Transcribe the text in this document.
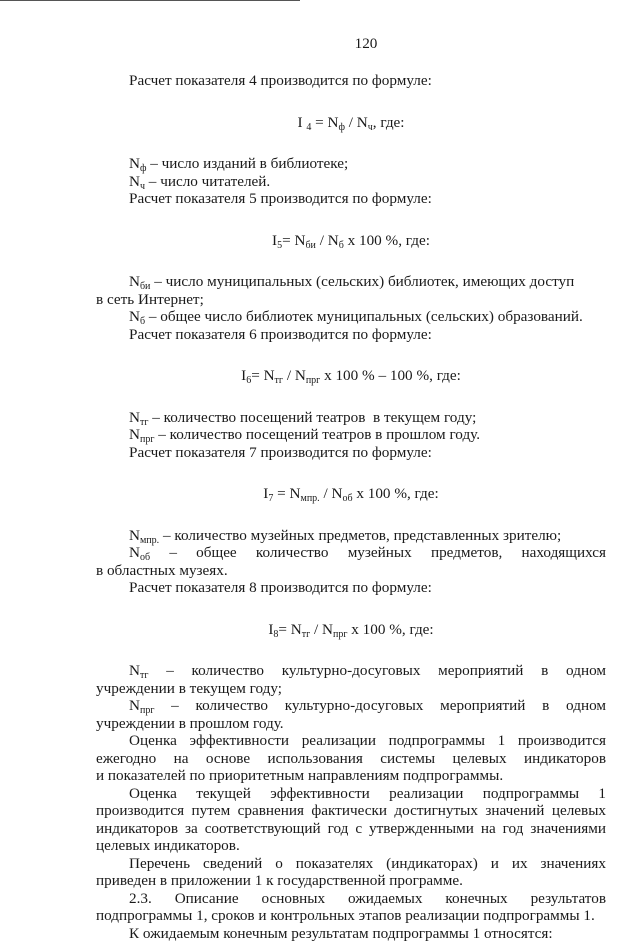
120
Расчет показателя 4 производится по формуле:
I $_4 = N_ф / N_ч$, где:
$N_ф$ – число изданий в библиотеке;
$N_ч$ – число читателей.
Расчет показателя 5 производится по формуле:
$I_5= N_{би} / N_б$ х 100 %, где:
$N_{би}$ – число муниципальных (сельских) библиотек, имеющих доступ
в сеть Интернет;
$N_б$ – общее число библиотек муниципальных (сельских) образований.
Расчет показателя 6 производится по формуле:
$I_6= N_{тг} / N_{прг}$ х 100 % – 100 %, где:
$N_{тг}$ – количество посещений театров  в текущем году;
$N_{прг}$ – количество посещений театров в прошлом году.
Расчет показателя 7 производится по формуле:
$I_7 = N_{мпр.} / N_{об}$ х 100 %, где:
$N_{мпр.}$ – количество музейных предметов, представленных зрителю;
$N_{об}$ – общее количество музейных предметов, находящихся
в областных музеях.
Расчет показателя 8 производится по формуле:
$I_8= N_{тг} / N_{прг}$ х 100 %, где:
$N_{тг}$ – количество культурно-досуговых мероприятий в одном
учреждении в текущем году;
$N_{прг}$ – количество культурно-досуговых мероприятий в одном
учреждении в прошлом году.
Оценка эффективности реализации подпрограммы 1 производится
ежегодно на основе использования системы целевых индикаторов
и показателей по приоритетным направлениям подпрограммы.
Оценка текущей эффективности реализации подпрограммы 1
производится путем сравнения фактически достигнутых значений целевых
индикаторов за соответствующий год с утвержденными на год значениями
целевых индикаторов.
Перечень сведений о показателях (индикаторах) и их значениях
приведен в приложении 1 к государственной программе.
2.3. Описание основных ожидаемых конечных результатов
подпрограммы 1, сроков и контрольных этапов реализации подпрограммы 1.
К ожидаемым конечным результатам подпрограммы 1 относятся:
